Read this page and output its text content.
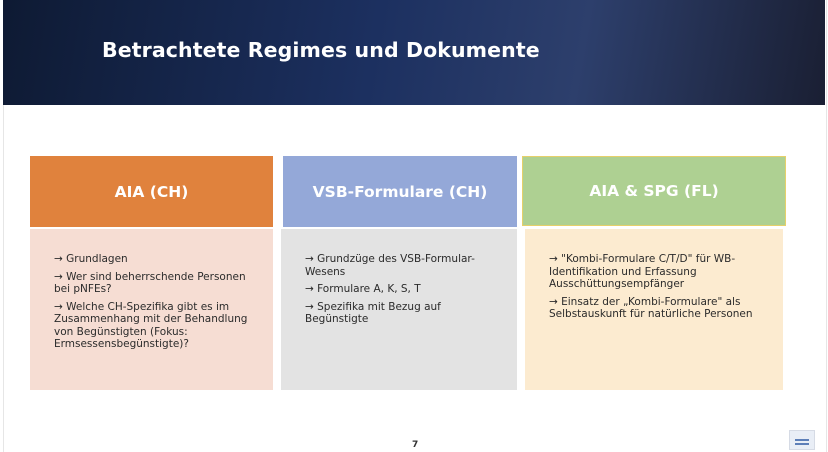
Betrachtete Regimes und Dokumente
AIA (CH)
→ Grundlagen
→ Wer sind beherrschende Personen bei pNFEs?
→ Welche CH-Spezifika gibt es im Zusammenhang mit der Behandlung von Begünstigten (Fokus: Ermsessensbegünstigte)?
VSB-Formulare (CH)
→ Grundzüge des VSB-Formular-Wesens
→ Formulare A, K, S, T
→ Spezifika mit Bezug auf Begünstigte
AIA & SPG (FL)
→ "Kombi-Formulare C/T/D" für WB-Identifikation und Erfassung Ausschüttungsempfänger
→ Einsatz der „Kombi-Formulare" als Selbstauskunft für natürliche Personen
7
